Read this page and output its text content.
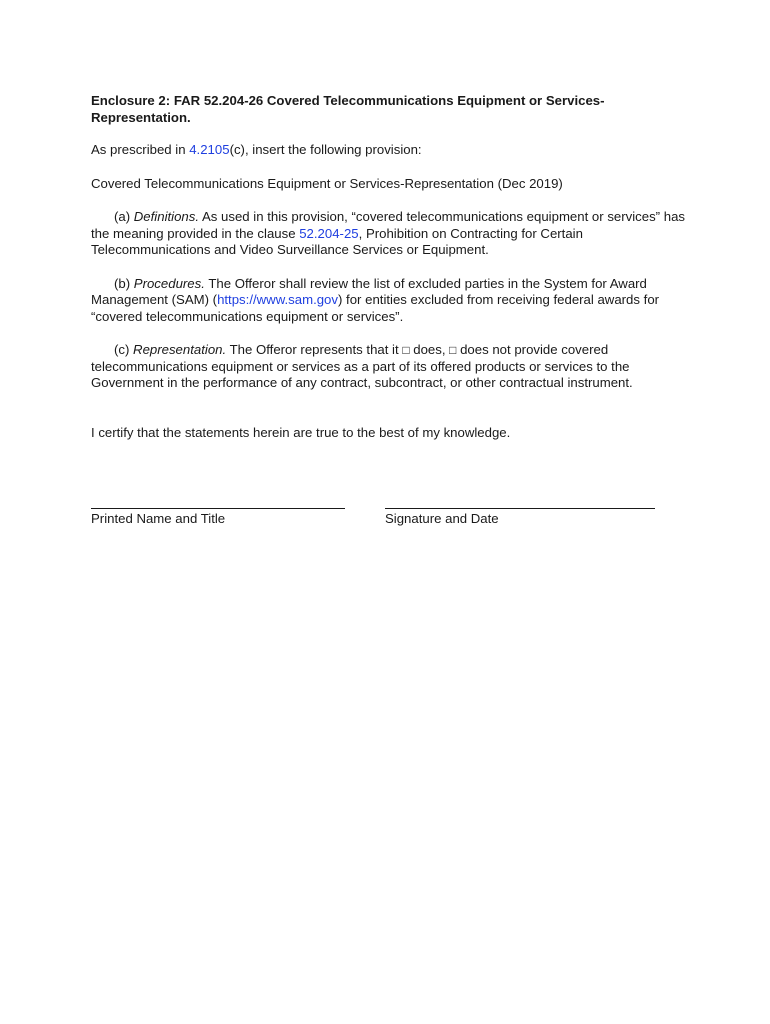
Enclosure 2: FAR 52.204-26 Covered Telecommunications Equipment or Services-Representation.

As prescribed in 4.2105(c), insert the following provision:

Covered Telecommunications Equipment or Services-Representation (Dec 2019)

(a) Definitions. As used in this provision, “covered telecommunications equipment or services” has the meaning provided in the clause 52.204-25, Prohibition on Contracting for Certain Telecommunications and Video Surveillance Services or Equipment.

(b) Procedures. The Offeror shall review the list of excluded parties in the System for Award Management (SAM) (https://www.sam.gov) for entities excluded from receiving federal awards for “covered telecommunications equipment or services”.

(c) Representation. The Offeror represents that it □ does, □ does not provide covered telecommunications equipment or services as a part of its offered products or services to the Government in the performance of any contract, subcontract, or other contractual instrument.

I certify that the statements herein are true to the best of my knowledge.

Printed Name and Title	Signature and Date
